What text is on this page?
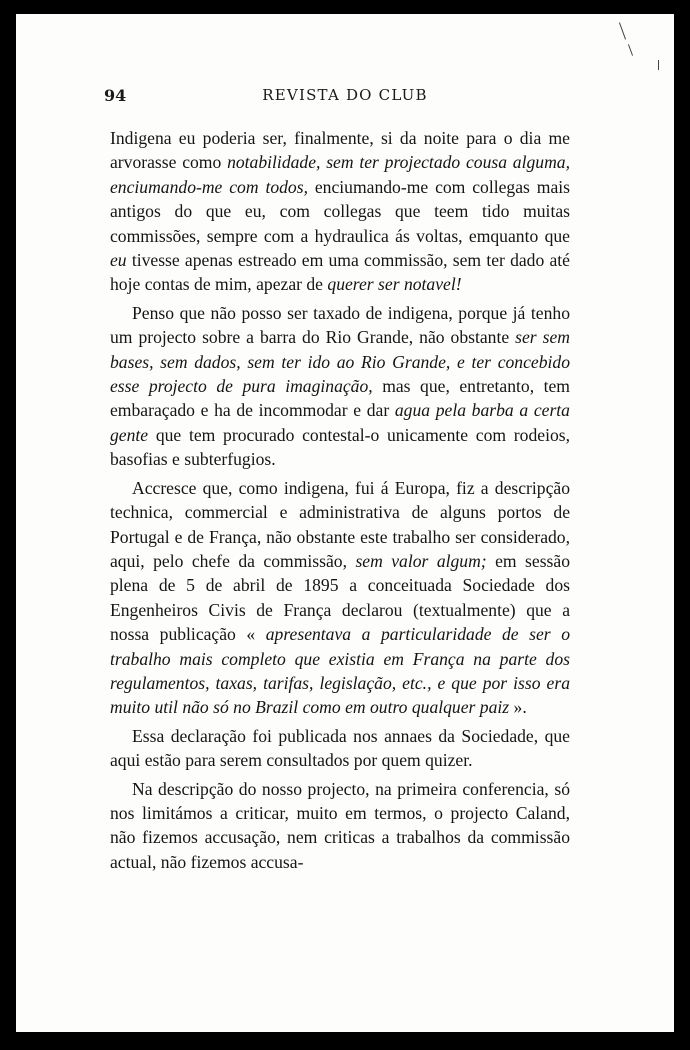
94	REVISTA DO CLUB

Indigena eu poderia ser, finalmente, si da noite para o dia me arvorasse como notabilidade, sem ter projectado cousa alguma, enciumando-me com todos, enciumando-me com collegas mais antigos do que eu, com collegas que teem tido muitas commissões, sempre com a hydraulica ás voltas, emquanto que eu tivesse apenas estreado em uma commissão, sem ter dado até hoje contas de mim, apezar de querer ser notavel!

Penso que não posso ser taxado de indigena, porque já tenho um projecto sobre a barra do Rio Grande, não obstante ser sem bases, sem dados, sem ter ido ao Rio Grande, e ter concebido esse projecto de pura imaginação, mas que, entretanto, tem embaraçado e ha de incommodar e dar agua pela barba a certa gente que tem procurado contestal-o unicamente com rodeios, basofias e subterfugios.

Accresce que, como indigena, fui á Europa, fiz a descripção technica, commercial e administrativa de alguns portos de Portugal e de França, não obstante este trabalho ser considerado, aqui, pelo chefe da commissão, sem valor algum; em sessão plena de 5 de abril de 1895 a conceituada Sociedade dos Engenheiros Civis de França declarou (textualmente) que a nossa publicação « apresentava a particularidade de ser o trabalho mais completo que existia em França na parte dos regulamentos, taxas, tarifas, legislação, etc., e que por isso era muito util não só no Brazil como em outro qualquer paiz ».

Essa declaração foi publicada nos annaes da Sociedade, que aqui estão para serem consultados por quem quizer.

Na descripção do nosso projecto, na primeira conferencia, só nos limitámos a criticar, muito em termos, o projecto Caland, não fizemos accusação, nem criticas a trabalhos da commissão actual, não fizemos accusa-
